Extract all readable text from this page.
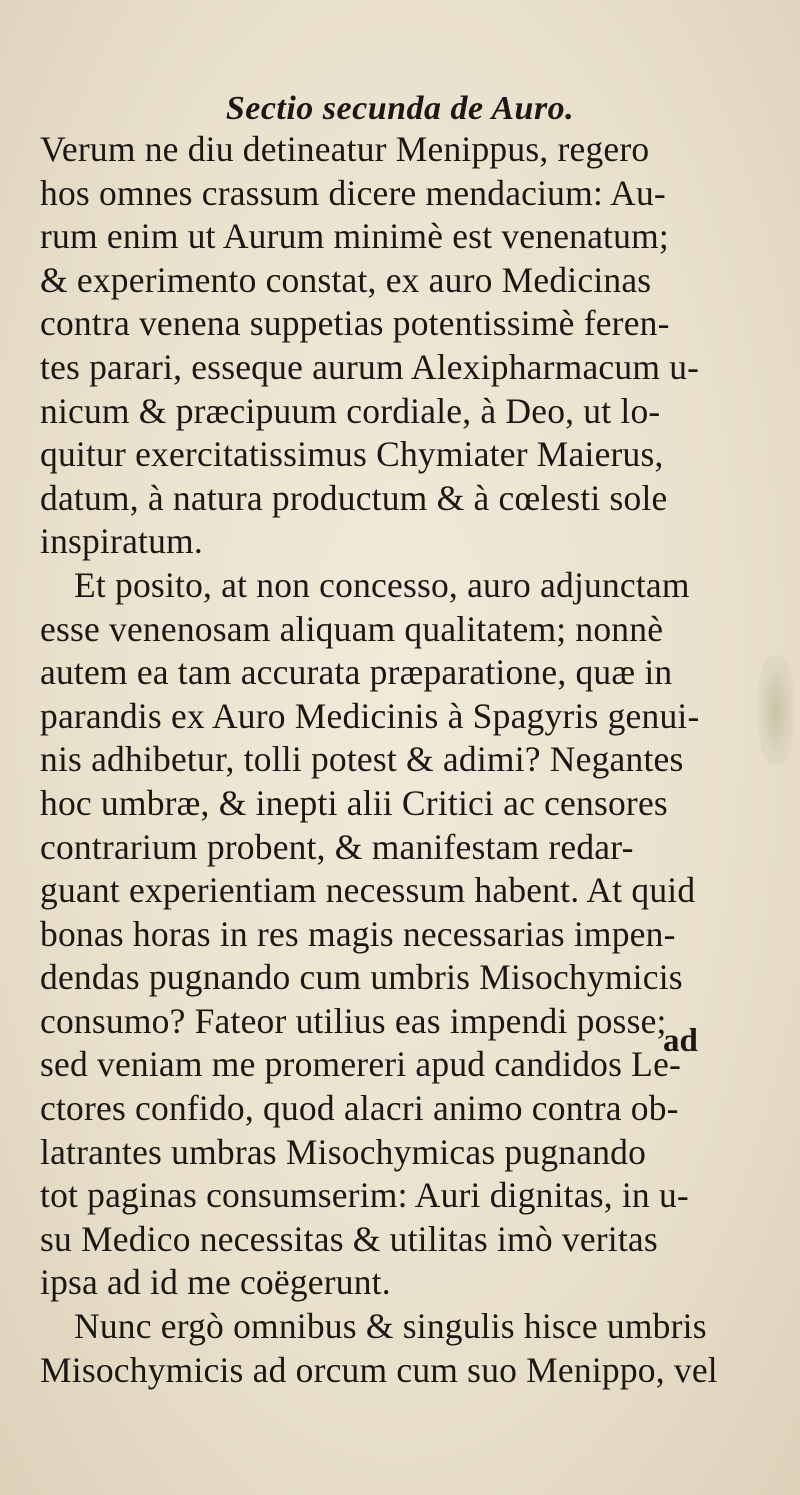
Sectio secunda de Auro.
Verum ne diu detineatur Menippus, regero
hos omnes crassum dicere mendacium: Au-
rum enim ut Aurum minimè est venenatum;
& experimento constat, ex auro Medicinas
contra venena suppetias potentissimè feren-
tes parari, esseque aurum Alexipharmacum u-
nicum & præcipuum cordiale, à Deo, ut lo-
quitur exercitatissimus Chymiater Maierus,
datum, à natura productum & à cœlesti sole
inspiratum.
Et posito, at non concesso, auro adjunctam
esse venenosam aliquam qualitatem; nonnè
autem ea tam accurata præparatione, quæ in
parandis ex Auro Medicinis à Spagyris genui-
nis adhibetur, tolli potest & adimi? Negantes
hoc umbræ, & inepti alii Critici ac censores
contrarium probent, & manifestam redar-
guant experientiam necessum habent. At quid
bonas horas in res magis necessarias impen-
dendas pugnando cum umbris Misochymicis
consumo? Fateor utilius eas impendi posse;
sed veniam me promereri apud candidos Le-
ctores confido, quod alacri animo contra ob-
latrantes umbras Misochymicas pugnando
tot paginas consumserim: Auri dignitas, in u-
su Medico necessitas & utilitas imò veritas
ipsa ad id me coëgerunt.
Nunc ergò omnibus & singulis hisce umbris
Misochymicis ad orcum cum suo Menippo, vel
ad
